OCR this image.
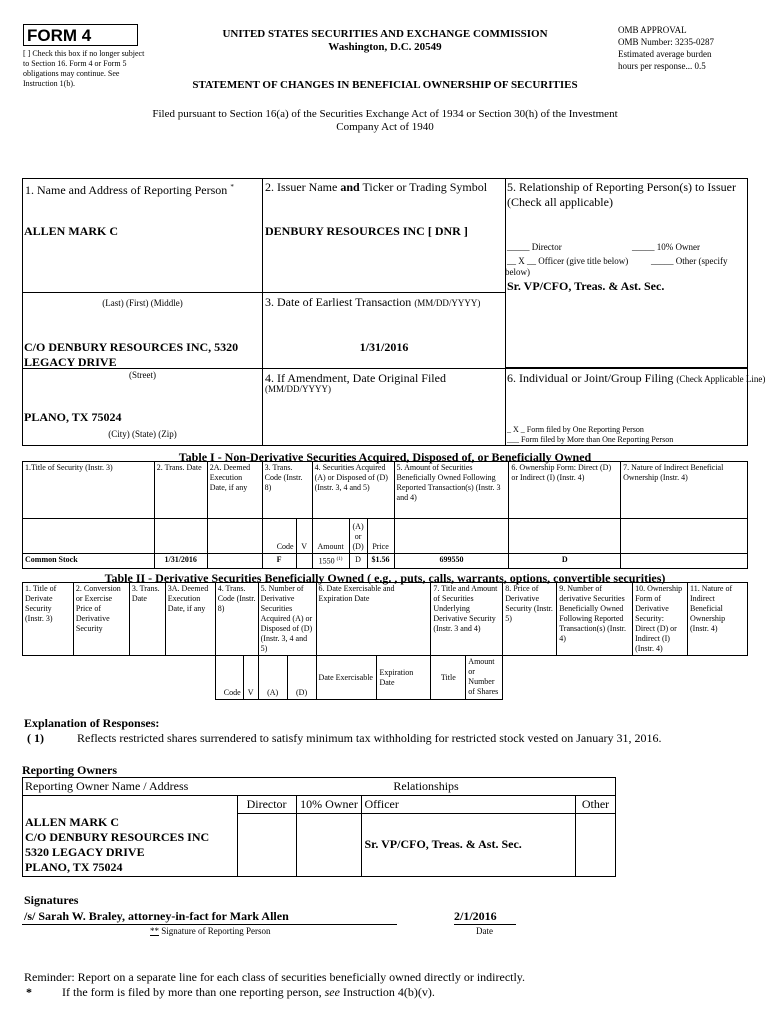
FORM 4
[ ] Check this box if no longer subject to Section 16. Form 4 or Form 5 obligations may continue. See Instruction 1(b).
UNITED STATES SECURITIES AND EXCHANGE COMMISSION
Washington, D.C. 20549
OMB APPROVAL
OMB Number: 3235-0287
Estimated average burden
hours per response... 0.5
STATEMENT OF CHANGES IN BENEFICIAL OWNERSHIP OF SECURITIES
Filed pursuant to Section 16(a) of the Securities Exchange Act of 1934 or Section 30(h) of the Investment Company Act of 1940
1. Name and Address of Reporting Person *
ALLEN MARK C
(Last) (First) (Middle)
C/O DENBURY RESOURCES INC, 5320 LEGACY DRIVE
(Street)
PLANO, TX 75024
(City) (State) (Zip)
2. Issuer Name and Ticker or Trading Symbol
DENBURY RESOURCES INC [ DNR ]
3. Date of Earliest Transaction (MM/DD/YYYY)
1/31/2016
4. If Amendment, Date Original Filed
(MM/DD/YYYY)
5. Relationship of Reporting Person(s) to Issuer
(Check all applicable)
_____ Director	_____ 10% Owner
__ X __ Officer (give title below)	_____ Other (specify below)
Sr. VP/CFO, Treas. & Ast. Sec.
6. Individual or Joint/Group Filing (Check Applicable Line)
_ X _ Form filed by One Reporting Person
___ Form filed by More than One Reporting Person
Table I - Non-Derivative Securities Acquired, Disposed of, or Beneficially Owned
1.Title of Security (Instr. 3)	2. Trans. Date	2A. Deemed Execution Date, if any	3. Trans. Code (Instr. 8)		4. Securities Acquired (A) or Disposed of (D) (Instr. 3, 4 and 5)			5. Amount of Securities Beneficially Owned Following Reported Transaction(s) (Instr. 3 and 4)	6. Ownership Form: Direct (D) or Indirect (I) (Instr. 4)	7. Nature of Indirect Beneficial Ownership (Instr. 4)
			Code	V	Amount	(A) or (D)	Price			
Common Stock	1/31/2016		F		1550 $^{(1)}$	D	$1.56	699550	D	
Table II - Derivative Securities Beneficially Owned ( e.g. , puts, calls, warrants, options, convertible securities)
1. Title of Derivate Security (Instr. 3)	2. Conversion or Exercise Price of Derivative Security	3. Trans. Date	3A. Deemed Execution Date, if any	4. Trans. Code (Instr. 8)		5. Number of Derivative Securities Acquired (A) or Disposed of (D) (Instr. 3, 4 and 5)		6. Date Exercisable and Expiration Date		7. Title and Amount of Securities Underlying Derivative Security (Instr. 3 and 4)		8. Price of Derivative Security (Instr. 5)	9. Number of derivative Securities Beneficially Owned Following Reported Transaction(s) (Instr. 4)	10. Ownership Form of Derivative Security: Direct (D) or Indirect (I) (Instr. 4)	11. Nature of Indirect Beneficial Ownership (Instr. 4)
				Code	V	(A)	(D)	Date Exercisable	Expiration Date	Title	Amount or Number of Shares				
Explanation of Responses:
( 1)	Reflects restricted shares surrendered to satisfy minimum tax withholding for restricted stock vested on January 31, 2016.
Reporting Owners
Reporting Owner Name / Address	Relationships			
	Director	10% Owner	Officer	Other

ALLEN MARK C
C/O DENBURY RESOURCES INC
5320 LEGACY DRIVE
PLANO, TX 75024			Sr. VP/CFO, Treas. & Ast. Sec.	
Signatures
/s/ Sarah W. Braley, attorney-in-fact for Mark Allen	2/1/2016
** Signature of Reporting Person	Date
Reminder: Report on a separate line for each class of securities beneficially owned directly or indirectly.
*	If the form is filed by more than one reporting person, see Instruction 4(b)(v).
